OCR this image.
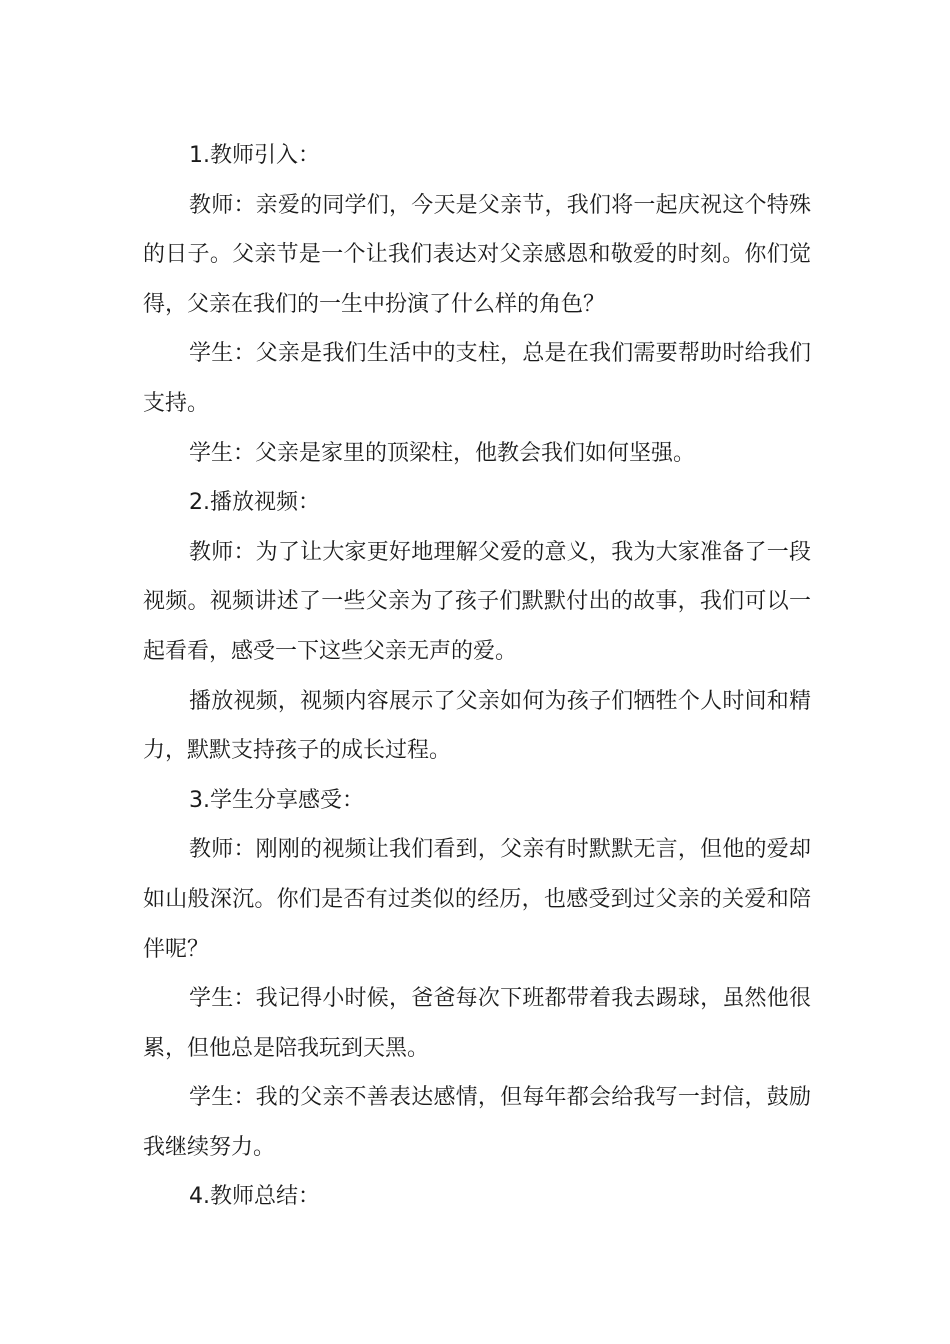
1.教师引入：

教师：亲爱的同学们，今天是父亲节，我们将一起庆祝这个特殊的日子。父亲节是一个让我们表达对父亲感恩和敬爱的时刻。你们觉得，父亲在我们的一生中扮演了什么样的角色？

学生：父亲是我们生活中的支柱，总是在我们需要帮助时给我们支持。

学生：父亲是家里的顶梁柱，他教会我们如何坚强。

2.播放视频：

教师：为了让大家更好地理解父爱的意义，我为大家准备了一段视频。视频讲述了一些父亲为了孩子们默默付出的故事，我们可以一起看看，感受一下这些父亲无声的爱。

播放视频，视频内容展示了父亲如何为孩子们牺牲个人时间和精力，默默支持孩子的成长过程。

3.学生分享感受：

教师：刚刚的视频让我们看到，父亲有时默默无言，但他的爱却如山般深沉。你们是否有过类似的经历，也感受到过父亲的关爱和陪伴呢？

学生：我记得小时候，爸爸每次下班都带着我去踢球，虽然他很累，但他总是陪我玩到天黑。

学生：我的父亲不善表达感情，但每年都会给我写一封信，鼓励我继续努力。

4.教师总结：
